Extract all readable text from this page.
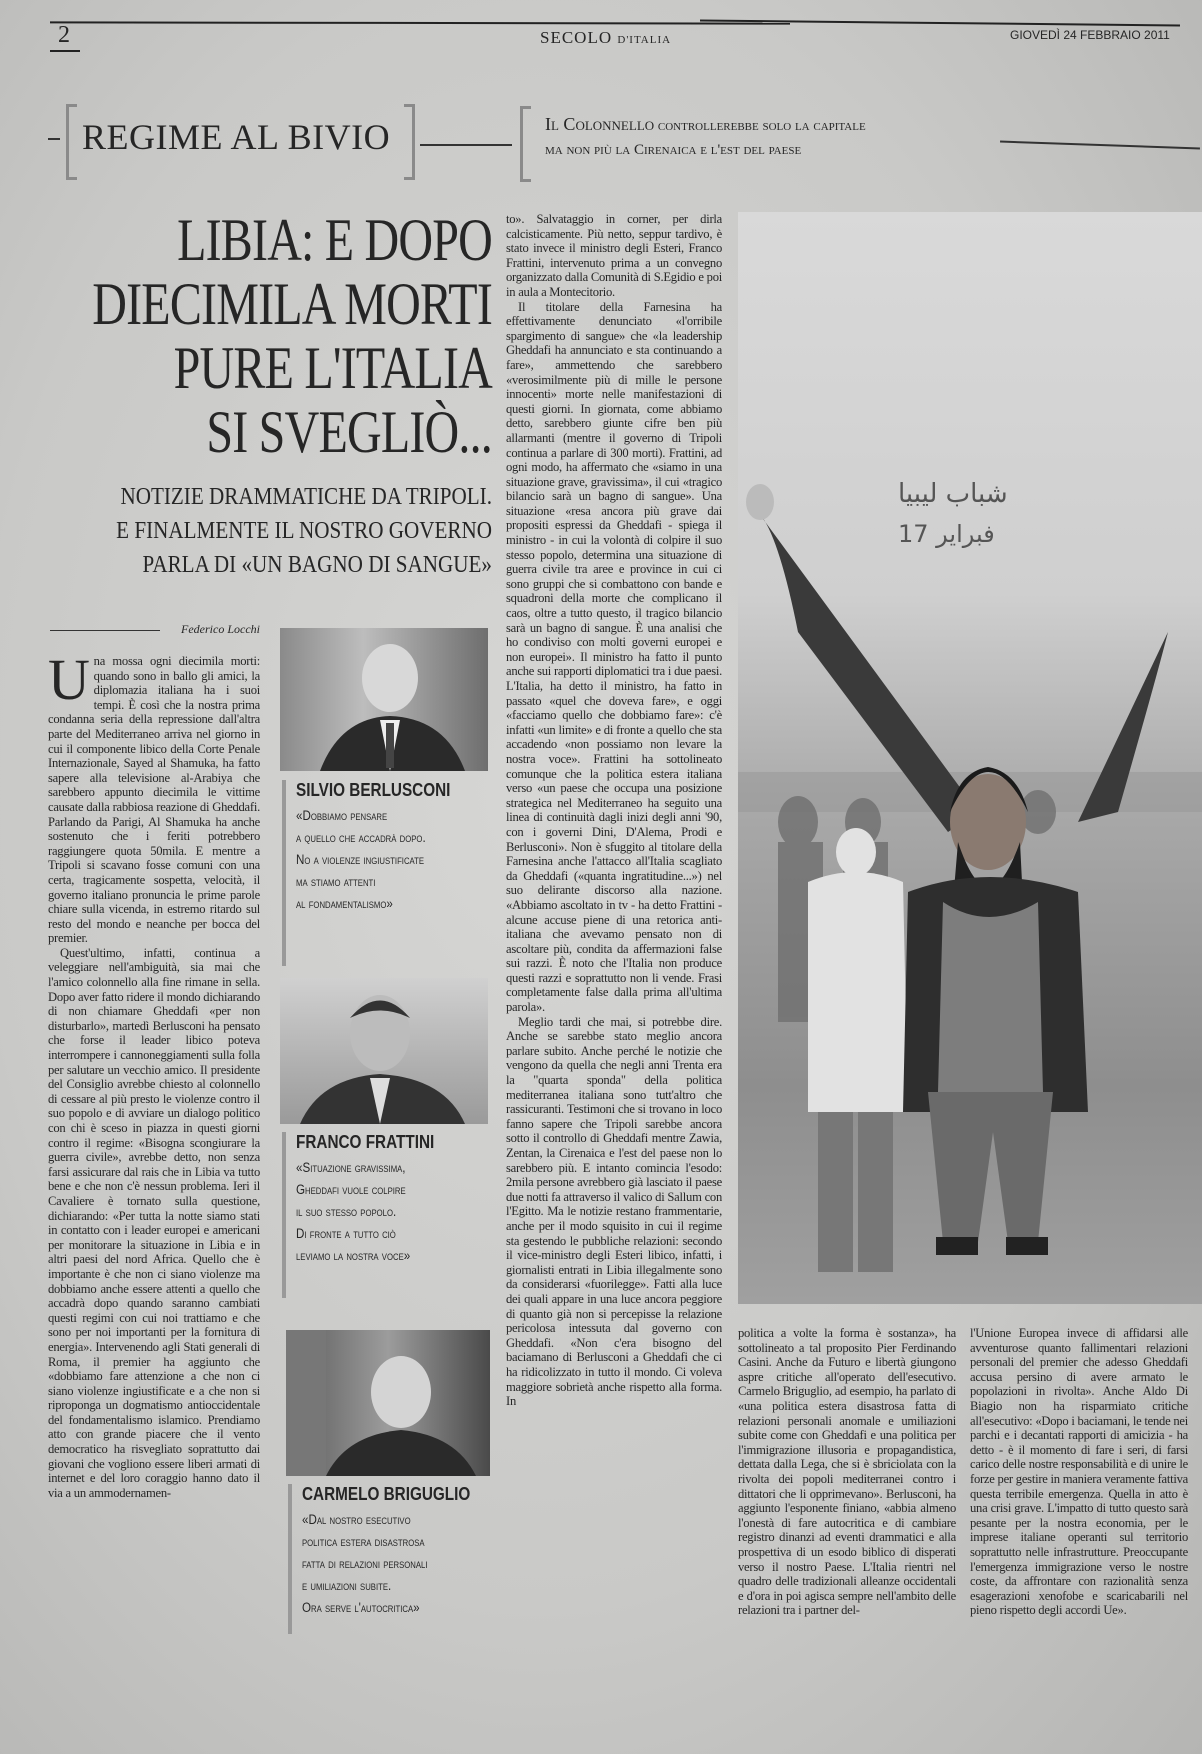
2	SECOLO D'ITALIA	GIOVEDÌ 24 FEBBRAIO 2011
REGIME AL BIVIO	Il Colonnello controllerebbe solo la capitale
ma non più la Cirenaica e l'est del paese
LIBIA: E DOPO
DIECIMILA MORTI
PURE L'ITALIA
SI SVEGLIÒ...
NOTIZIE DRAMMATICHE DA TRIPOLI.
E FINALMENTE IL NOSTRO GOVERNO
PARLA DI «UN BAGNO DI SANGUE»
Federico Locchi

Una mossa ogni diecimila morti: quando sono in ballo gli amici, la diplomazia italiana ha i suoi tempi. È così che la nostra prima condanna seria della repressione dall'altra parte del Mediterraneo arriva nel giorno in cui il componente libico della Corte Penale Internazionale, Sayed al Shamuka, ha fatto sapere alla televisione al-Arabiya che sarebbero appunto diecimila le vittime causate dalla rabbiosa reazione di Gheddafi. Parlando da Parigi, Al Shamuka ha anche sostenuto che i feriti potrebbero raggiungere quota 50mila. E mentre a Tripoli si scavano fosse comuni con una certa, tragicamente sospetta, velocità, il governo italiano pronuncia le prime parole chiare sulla vicenda, in estremo ritardo sul resto del mondo e neanche per bocca del premier.

Quest'ultimo, infatti, continua a veleggiare nell'ambiguità, sia mai che l'amico colonnello alla fine rimane in sella. Dopo aver fatto ridere il mondo dichiarando di non chiamare Gheddafi «per non disturbarlo», martedì Berlusconi ha pensato che forse il leader libico poteva interrompere i cannoneggiamenti sulla folla per salutare un vecchio amico. Il presidente del Consiglio avrebbe chiesto al colonnello di cessare al più presto le violenze contro il suo popolo e di avviare un dialogo politico con chi è sceso in piazza in questi giorni contro il regime: «Bisogna scongiurare la guerra civile», avrebbe detto, non senza farsi assicurare dal rais che in Libia va tutto bene e che non c'è nessun problema. Ieri il Cavaliere è tornato sulla questione, dichiarando: «Per tutta la notte siamo stati in contatto con i leader europei e americani per monitorare la situazione in Libia e in altri paesi del nord Africa. Quello che è importante è che non ci siano violenze ma dobbiamo anche essere attenti a quello che accadrà dopo quando saranno cambiati questi regimi con cui noi trattiamo e che sono per noi importanti per la fornitura di energia». Intervenendo agli Stati generali di Roma, il premier ha aggiunto che «dobbiamo fare attenzione a che non ci siano violenze ingiustificate e a che non si riproponga un dogmatismo antioccidentale del fondamentalismo islamico. Prendiamo atto con grande piacere che il vento democratico ha risvegliato soprattutto dai giovani che vogliono essere liberi armati di internet e del loro coraggio hanno dato il via a un ammodernamen-

SILVIO BERLUSCONI
«Dobbiamo pensare
a quello che accadrà dopo.
No a violenze ingiustificate
ma stiamo attenti
al fondamentalismo»
FRANCO FRATTINI
«Situazione gravissima,
Gheddafi vuole colpire
il suo stesso popolo.
Di fronte a tutto ciò
leviamo la nostra voce»
CARMELO BRIGUGLIO
«Dal nostro esecutivo
politica estera disastrosa
fatta di relazioni personali
e umiliazioni subite.
Ora serve l'autocritica»

to». Salvataggio in corner, per dirla calcisticamente. Più netto, seppur tardivo, è stato invece il ministro degli Esteri, Franco Frattini, intervenuto prima a un convegno organizzato dalla Comunità di S.Egidio e poi in aula a Montecitorio.

Il titolare della Farnesina ha effettivamente denunciato «l'orribile spargimento di sangue» che «la leadership Gheddafi ha annunciato e sta continuando a fare», ammettendo che sarebbero «verosimilmente più di mille le persone innocenti» morte nelle manifestazioni di questi giorni. In giornata, come abbiamo detto, sarebbero giunte cifre ben più allarmanti (mentre il governo di Tripoli continua a parlare di 300 morti). Frattini, ad ogni modo, ha affermato che «siamo in una situazione grave, gravissima», il cui «tragico bilancio sarà un bagno di sangue». Una situazione «resa ancora più grave dai propositi espressi da Gheddafi - spiega il ministro - in cui la volontà di colpire il suo stesso popolo, determina una situazione di guerra civile tra aree e province in cui ci sono gruppi che si combattono con bande e squadroni della morte che complicano il caos, oltre a tutto questo, il tragico bilancio sarà un bagno di sangue. È una analisi che ho condiviso con molti governi europei e non europei». Il ministro ha fatto il punto anche sui rapporti diplomatici tra i due paesi. L'Italia, ha detto il ministro, ha fatto in passato «quel che doveva fare», e oggi «facciamo quello che dobbiamo fare»: c'è infatti «un limite» e di fronte a quello che sta accadendo «non possiamo non levare la nostra voce». Frattini ha sottolineato comunque che la politica estera italiana verso «un paese che occupa una posizione strategica nel Mediterraneo ha seguito una linea di continuità dagli inizi degli anni '90, con i governi Dini, D'Alema, Prodi e Berlusconi». Non è sfuggito al titolare della Farnesina anche l'attacco all'Italia scagliato da Gheddafi («quanta ingratitudine...») nel suo delirante discorso alla nazione. «Abbiamo ascoltato in tv - ha detto Frattini - alcune accuse piene di una retorica anti-italiana che avevamo pensato non di ascoltare più, condita da affermazioni false sui razzi. È noto che l'Italia non produce questi razzi e soprattutto non li vende. Frasi completamente false dalla prima all'ultima parola».

Meglio tardi che mai, si potrebbe dire. Anche se sarebbe stato meglio ancora parlare subito. Anche perché le notizie che vengono da quella che negli anni Trenta era la "quarta sponda" della politica mediterranea italiana sono tutt'altro che rassicuranti. Testimoni che si trovano in loco fanno sapere che Tripoli sarebbe ancora sotto il controllo di Gheddafi mentre Zawia, Zentan, la Cirenaica e l'est del paese non lo sarebbero più. E intanto comincia l'esodo: 2mila persone avrebbero già lasciato il paese due notti fa attraverso il valico di Sallum con l'Egitto. Ma le notizie restano frammentarie, anche per il modo squisito in cui il regime sta gestendo le pubbliche relazioni: secondo il vice-ministro degli Esteri libico, infatti, i giornalisti entrati in Libia illegalmente sono da considerarsi «fuorilegge». Fatti alla luce dei quali appare in una luce ancora peggiore di quanto già non si percepisse la relazione pericolosa intessuta dal governo con Gheddafi. «Non c'era bisogno del baciamano di Berlusconi a Gheddafi che ci ha ridicolizzato in tutto il mondo. Ci voleva maggiore sobrietà anche rispetto alla forma. In

شباب ليبيا
17 فبراير

politica a volte la forma è sostanza», ha sottolineato a tal proposito Pier Ferdinando Casini. Anche da Futuro e libertà giungono aspre critiche all'operato dell'esecutivo. Carmelo Briguglio, ad esempio, ha parlato di «una politica estera disastrosa fatta di relazioni personali anomale e umiliazioni subite come con Gheddafi e una politica per l'immigrazione illusoria e propagandistica, dettata dalla Lega, che si è sbriciolata con la rivolta dei popoli mediterranei contro i dittatori che li opprimevano». Berlusconi, ha aggiunto l'esponente finiano, «abbia almeno l'onestà di fare autocritica e di cambiare registro dinanzi ad eventi drammatici e alla prospettiva di un esodo biblico di disperati verso il nostro Paese. L'Italia rientri nel quadro delle tradizionali alleanze occidentali e d'ora in poi agisca sempre nell'ambito delle relazioni tra i partner del-

l'Unione Europea invece di affidarsi alle avventurose quanto fallimentari relazioni personali del premier che adesso Gheddafi accusa persino di avere armato le popolazioni in rivolta». Anche Aldo Di Biagio non ha risparmiato critiche all'esecutivo: «Dopo i baciamani, le tende nei parchi e i decantati rapporti di amicizia - ha detto - è il momento di fare i seri, di farsi carico delle nostre responsabilità e di unire le forze per gestire in maniera veramente fattiva questa terribile emergenza. Quella in atto è una crisi grave. L'impatto di tutto questo sarà pesante per la nostra economia, per le imprese italiane operanti sul territorio soprattutto nelle infrastrutture. Preoccupante l'emergenza immigrazione verso le nostre coste, da affrontare con razionalità senza esagerazioni xenofobe e scaricabarili nel pieno rispetto degli accordi Ue».
